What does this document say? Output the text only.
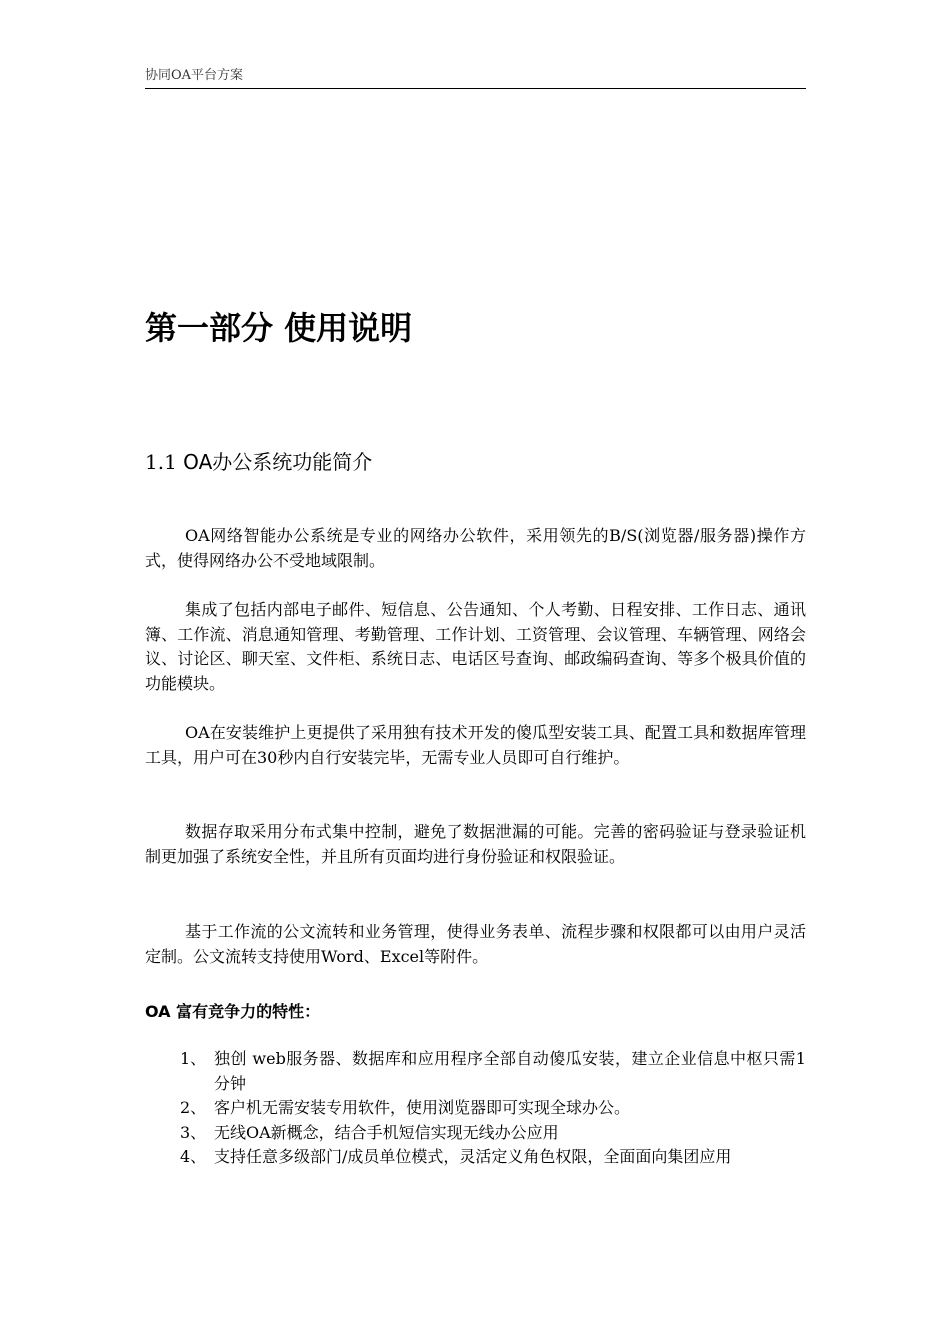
协同OA平台方案
第一部分 使用说明
1.1 OA办公系统功能简介

OA网络智能办公系统是专业的网络办公软件，采用领先的B/S(浏览器/服务器)操作方式，使得网络办公不受地域限制。

集成了包括内部电子邮件、短信息、公告通知、个人考勤、日程安排、工作日志、通讯簿、工作流、消息通知管理、考勤管理、工作计划、工资管理、会议管理、车辆管理、网络会议、讨论区、聊天室、文件柜、系统日志、电话区号查询、邮政编码查询、等多个极具价值的功能模块。

OA在安装维护上更提供了采用独有技术开发的傻瓜型安装工具、配置工具和数据库管理工具，用户可在30秒内自行安装完毕，无需专业人员即可自行维护。

数据存取采用分布式集中控制，避免了数据泄漏的可能。完善的密码验证与登录验证机制更加强了系统安全性，并且所有页面均进行身份验证和权限验证。

基于工作流的公文流转和业务管理，使得业务表单、流程步骤和权限都可以由用户灵活定制。公文流转支持使用Word、Excel等附件。

OA 富有竞争力的特性：
1、 独创 web服务器、数据库和应用程序全部自动傻瓜安装，建立企业信息中枢只需1分钟
2、 客户机无需安装专用软件，使用浏览器即可实现全球办公。
3、 无线OA新概念，结合手机短信实现无线办公应用
4、 支持任意多级部门/成员单位模式，灵活定义角色权限，全面面向集团应用
